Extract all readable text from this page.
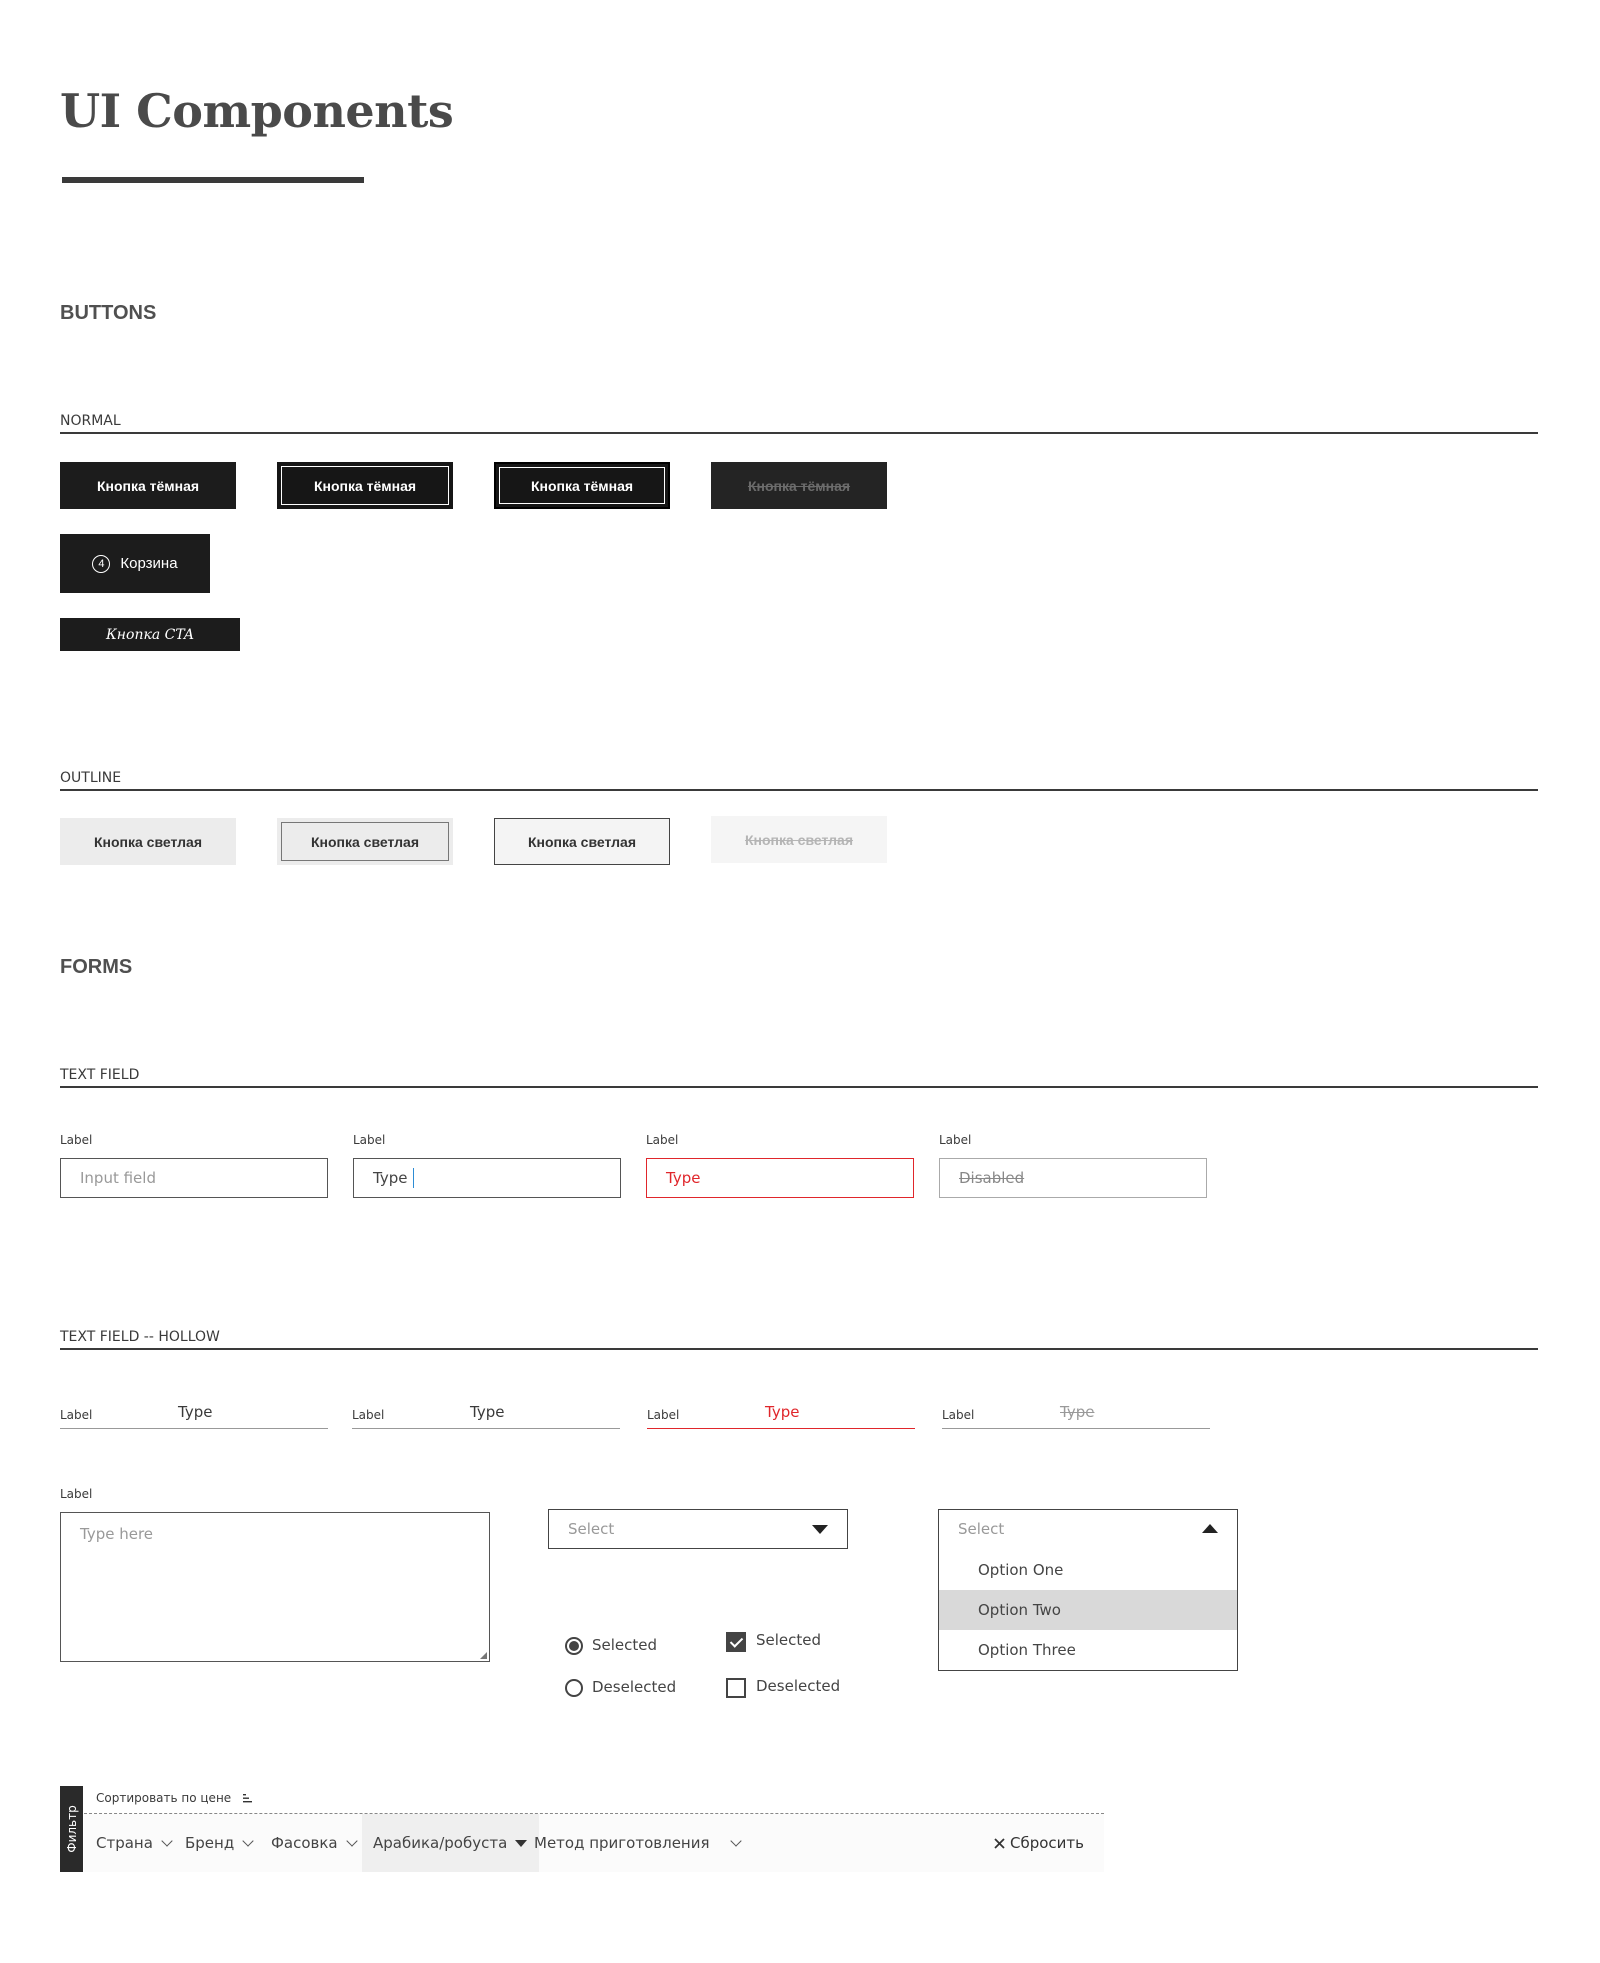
UI Components
BUTTONS
NORMAL
Кнопка тёмная	Кнопка тёмная	Кнопка тёмная	Кнопка тёмная
4	Корзина
Кнопка CTA
OUTLINE
Кнопка светлая	Кнопка светлая	Кнопка светлая	Кнопка светлая
FORMS
TEXT FIELD
Label
Input field
Label
Type
Label
Type
Label
Disabled
TEXT FIELD -- HOLLOW
Label	Type	Label	Type	Label	Type	Label	Type
Label
Type here	Select	Select
Option One
Option Two
Option Three
Selected
Deselected
Selected
Deselected
Фильтр
Сортировать по цене
Страна Бренд Фасовка Арабика/робуста Метод приготовления	Сбросить
